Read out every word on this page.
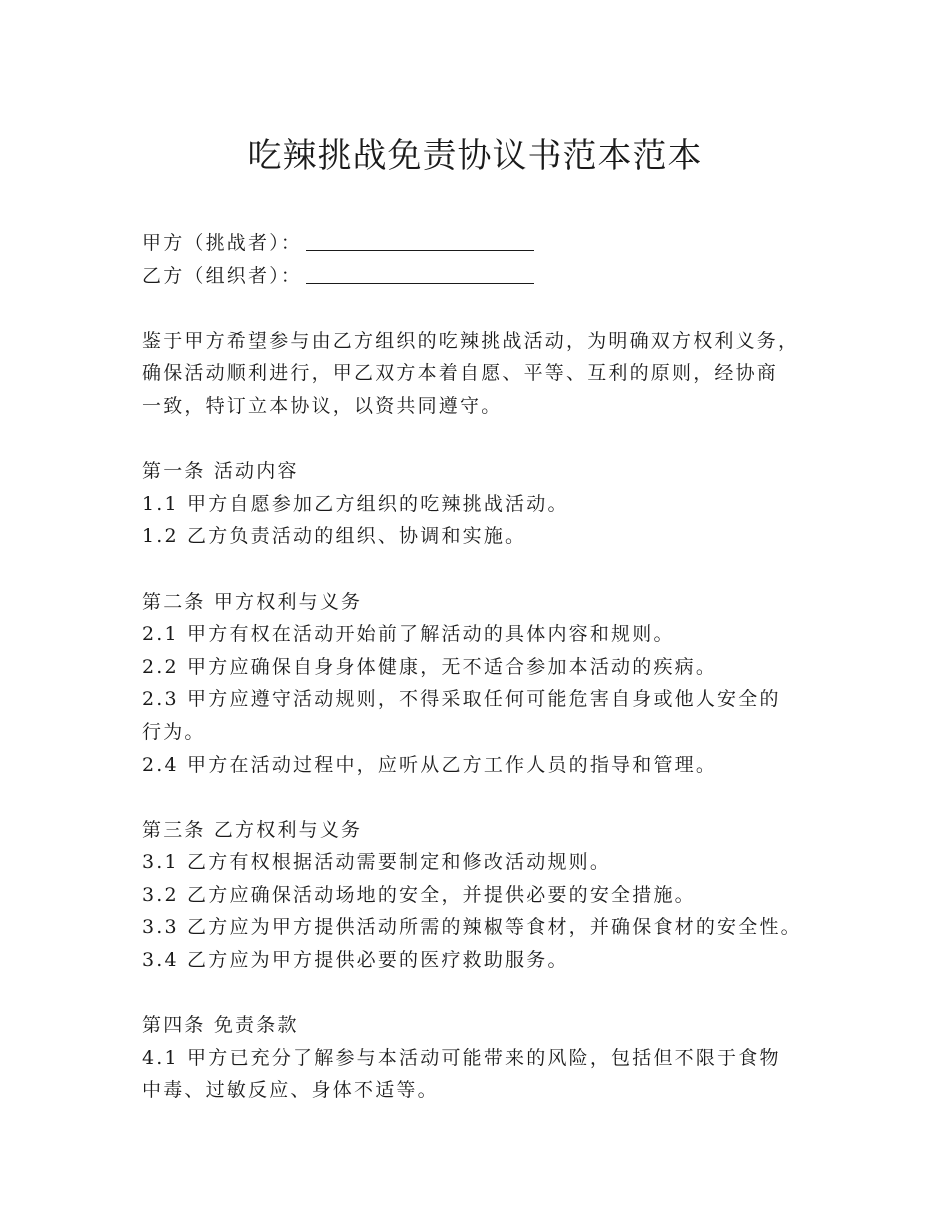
吃辣挑战免责协议书范本范本
甲方（挑战者）：
乙方（组织者）：
鉴于甲方希望参与由乙方组织的吃辣挑战活动，为明确双方权利义务，
确保活动顺利进行，甲乙双方本着自愿、平等、互利的原则，经协商
一致，特订立本协议，以资共同遵守。
第一条 活动内容
1.1 甲方自愿参加乙方组织的吃辣挑战活动。
1.2 乙方负责活动的组织、协调和实施。
第二条 甲方权利与义务
2.1 甲方有权在活动开始前了解活动的具体内容和规则。
2.2 甲方应确保自身身体健康，无不适合参加本活动的疾病。
2.3 甲方应遵守活动规则，不得采取任何可能危害自身或他人安全的
行为。
2.4 甲方在活动过程中，应听从乙方工作人员的指导和管理。
第三条 乙方权利与义务
3.1 乙方有权根据活动需要制定和修改活动规则。
3.2 乙方应确保活动场地的安全，并提供必要的安全措施。
3.3 乙方应为甲方提供活动所需的辣椒等食材，并确保食材的安全性。
3.4 乙方应为甲方提供必要的医疗救助服务。
第四条 免责条款
4.1 甲方已充分了解参与本活动可能带来的风险，包括但不限于食物
中毒、过敏反应、身体不适等。
